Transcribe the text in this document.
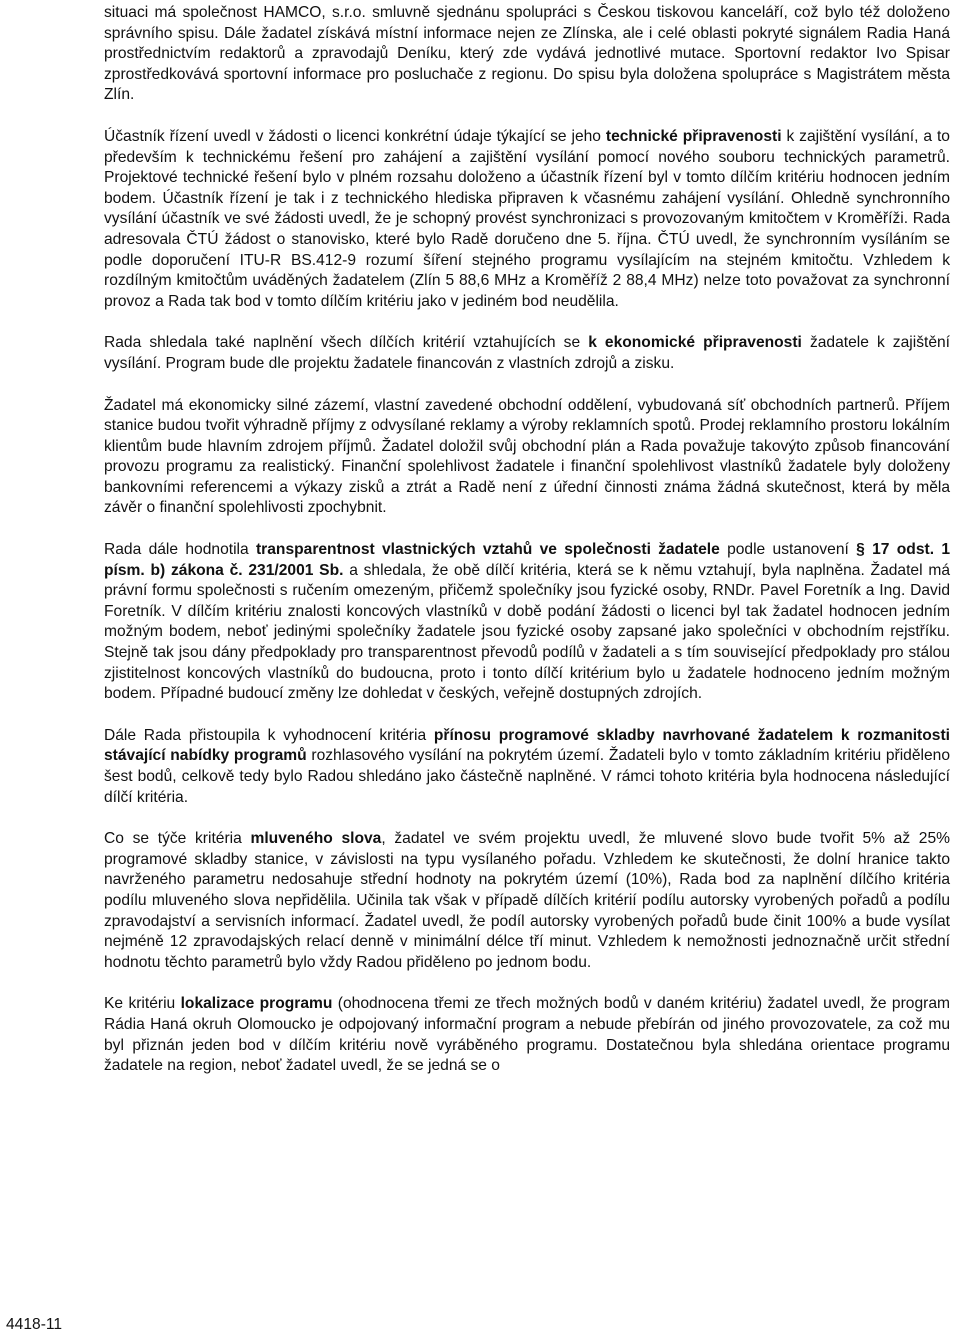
situaci má společnost HAMCO, s.r.o. smluvně sjednánu spolupráci s Českou tiskovou kanceláří, což bylo též doloženo správního spisu. Dále žadatel získává místní informace nejen ze Zlínska, ale i celé oblasti pokryté signálem Radia Haná prostřednictvím redaktorů a zpravodajů Deníku, který zde vydává jednotlivé mutace. Sportovní redaktor Ivo Spisar zprostředkovává sportovní informace pro posluchače z regionu. Do spisu byla doložena spolupráce s Magistrátem města Zlín.

Účastník řízení uvedl v žádosti o licenci konkrétní údaje týkající se jeho technické připravenosti k zajištění vysílání, a to především k technickému řešení pro zahájení a zajištění vysílání pomocí nového souboru technických parametrů. Projektové technické řešení bylo v plném rozsahu doloženo a účastník řízení byl v tomto dílčím kritériu hodnocen jedním bodem. Účastník řízení je tak i z technického hlediska připraven k včasnému zahájení vysílání. Ohledně synchronního vysílání účastník ve své žádosti uvedl, že je schopný provést synchronizaci s provozovaným kmitočtem v Kroměříži. Rada adresovala ČTÚ žádost o stanovisko, které bylo Radě doručeno dne 5. října. ČTÚ uvedl, že synchronním vysíláním se podle doporučení ITU-R BS.412-9 rozumí šíření stejného programu vysílajícím na stejném kmitočtu. Vzhledem k rozdílným kmitočtům uváděných žadatelem (Zlín 5 88,6 MHz a Kroměříž 2 88,4 MHz) nelze toto považovat za synchronní provoz a Rada tak bod v tomto dílčím kritériu jako v jediném bod neudělila.

Rada shledala také naplnění všech dílčích kritérií vztahujících se k ekonomické připravenosti žadatele k zajištění vysílání. Program bude dle projektu žadatele financován z vlastních zdrojů a zisku.

Žadatel má ekonomicky silné zázemí, vlastní zavedené obchodní oddělení, vybudovaná síť obchodních partnerů. Příjem stanice budou tvořit výhradně příjmy z odvysílané reklamy a výroby reklamních spotů. Prodej reklamního prostoru lokálním klientům bude hlavním zdrojem příjmů. Žadatel doložil svůj obchodní plán a Rada považuje takovýto způsob financování provozu programu za realistický. Finanční spolehlivost žadatele i finanční spolehlivost vlastníků žadatele byly doloženy bankovními referencemi a výkazy zisků a ztrát a Radě není z úřední činnosti známa žádná skutečnost, která by měla závěr o finanční spolehlivosti zpochybnit.

Rada dále hodnotila transparentnost vlastnických vztahů ve společnosti žadatele podle ustanovení § 17 odst. 1 písm. b) zákona č. 231/2001 Sb. a shledala, že obě dílčí kritéria, která se k němu vztahují, byla naplněna. Žadatel má právní formu společnosti s ručením omezeným, přičemž společníky jsou fyzické osoby, RNDr. Pavel Foretník a Ing. David Foretník. V dílčím kritériu znalosti koncových vlastníků v době podání žádosti o licenci byl tak žadatel hodnocen jedním možným bodem, neboť jedinými společníky žadatele jsou fyzické osoby zapsané jako společníci v obchodním rejstříku. Stejně tak jsou dány předpoklady pro transparentnost převodů podílů v žadateli a s tím související předpoklady pro stálou zjistitelnost koncových vlastníků do budoucna, proto i tonto dílčí kritérium bylo u žadatele hodnoceno jedním možným bodem. Případné budoucí změny lze dohledat v českých, veřejně dostupných zdrojích.

Dále Rada přistoupila k vyhodnocení kritéria přínosu programové skladby navrhované žadatelem k rozmanitosti stávající nabídky programů rozhlasového vysílání na pokrytém území. Žadateli bylo v tomto základním kritériu přiděleno šest bodů, celkově tedy bylo Radou shledáno jako částečně naplněné. V rámci tohoto kritéria byla hodnocena následující dílčí kritéria.

Co se týče kritéria mluveného slova, žadatel ve svém projektu uvedl, že mluvené slovo bude tvořit 5% až 25% programové skladby stanice, v závislosti na typu vysílaného pořadu. Vzhledem ke skutečnosti, že dolní hranice takto navrženého parametru nedosahuje střední hodnoty na pokrytém území (10%), Rada bod za naplnění dílčího kritéria podílu mluveného slova nepřidělila. Učinila tak však v případě dílčích kritérií podílu autorsky vyrobených pořadů a podílu zpravodajství a servisních informací. Žadatel uvedl, že podíl autorsky vyrobených pořadů bude činit 100% a bude vysílat nejméně 12 zpravodajských relací denně v minimální délce tří minut. Vzhledem k nemožnosti jednoznačně určit střední hodnotu těchto parametrů bylo vždy Radou přiděleno po jednom bodu.

Ke kritériu lokalizace programu (ohodnocena třemi ze třech možných bodů v daném kritériu) žadatel uvedl, že program Rádia Haná okruh Olomoucko je odpojovaný informační program a nebude přebírán od jiného provozovatele, za což mu byl přiznán jeden bod v dílčím kritériu nově vyráběného programu. Dostatečnou byla shledána orientace programu žadatele na region, neboť žadatel uvedl, že se jedná se o

4418-11
